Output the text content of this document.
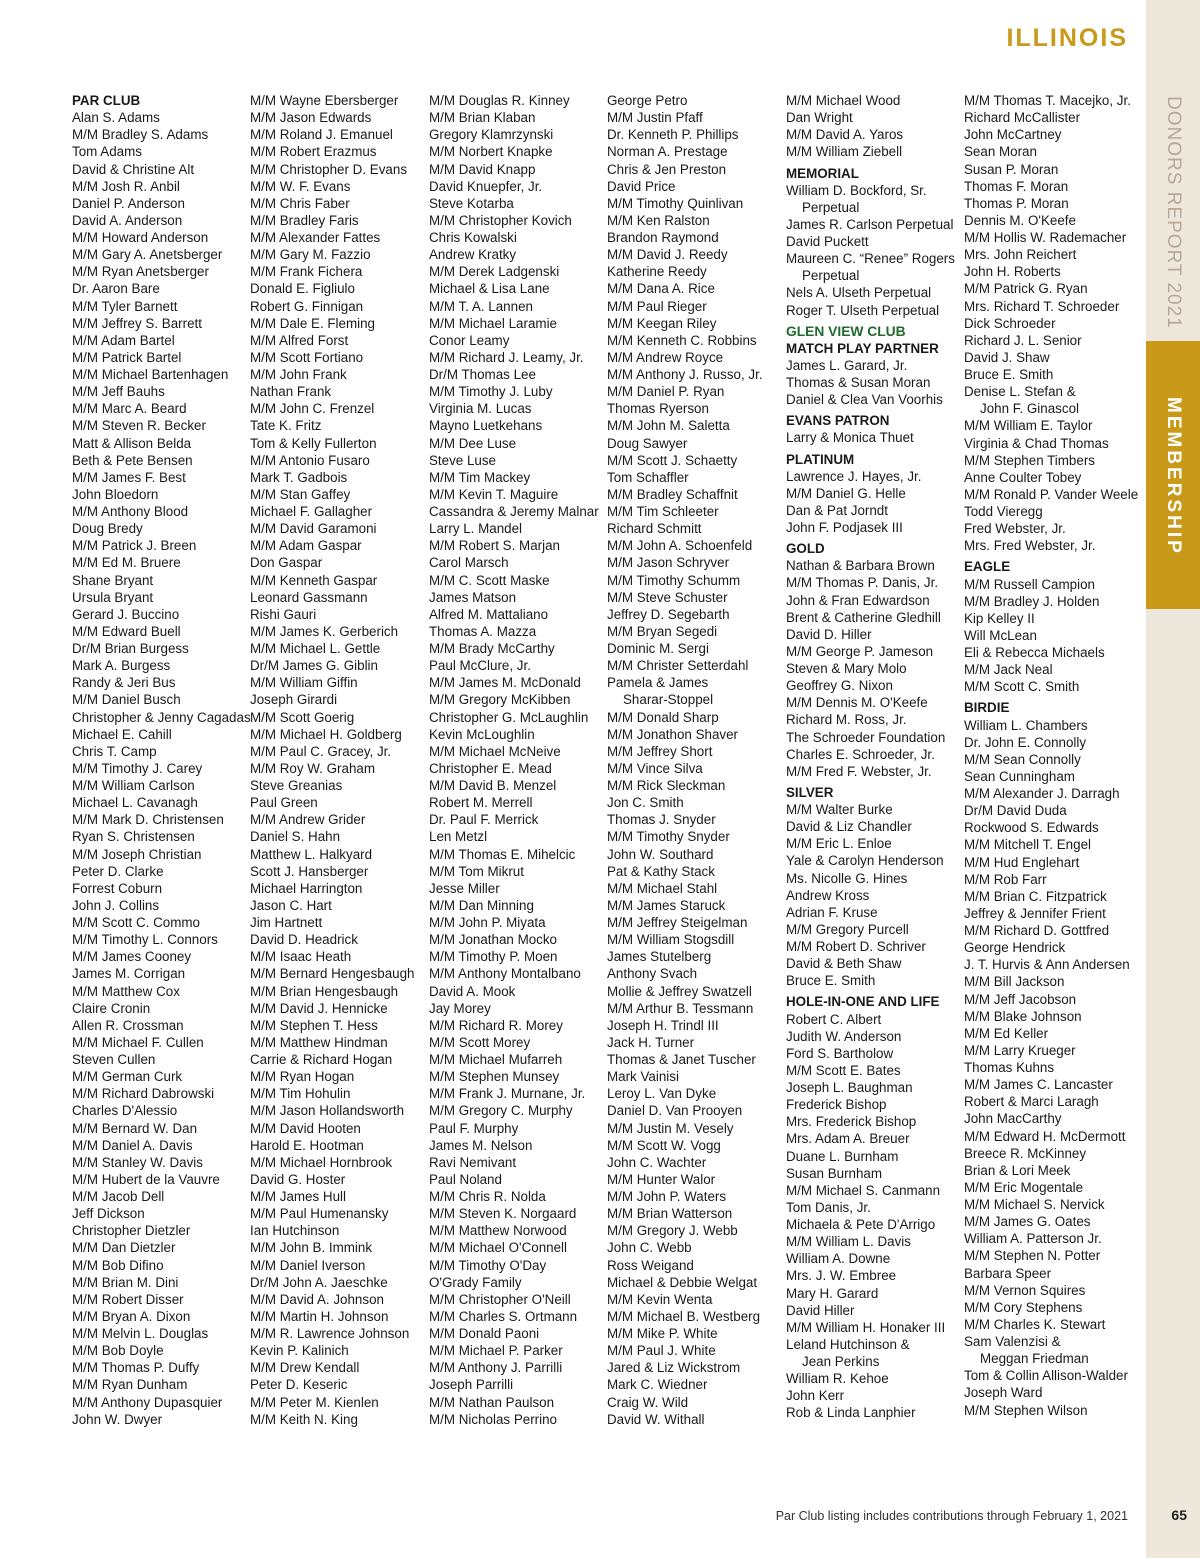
ILLINOIS
DONORS REPORT 2021
MEMBERSHIP
PAR CLUB
Alan S. Adams
M/M Bradley S. Adams
Tom Adams
David & Christine Alt
M/M Josh R. Anbil
Daniel P. Anderson
David A. Anderson
M/M Howard Anderson
M/M Gary A. Anetsberger
M/M Ryan Anetsberger
Dr. Aaron Bare
M/M Tyler Barnett
M/M Jeffrey S. Barrett
M/M Adam Bartel
M/M Patrick Bartel
M/M Michael Bartenhagen
M/M Jeff Bauhs
M/M Marc A. Beard
M/M Steven R. Becker
Matt & Allison Belda
Beth & Pete Bensen
M/M James F. Best
John Bloedorn
M/M Anthony Blood
Doug Bredy
M/M Patrick J. Breen
M/M Ed M. Bruere
Shane Bryant
Ursula Bryant
Gerard J. Buccino
M/M Edward Buell
Dr/M Brian Burgess
Mark A. Burgess
Randy & Jeri Bus
M/M Daniel Busch
Christopher & Jenny Cagadas
Michael E. Cahill
Chris T. Camp
M/M Timothy J. Carey
M/M William Carlson
Michael L. Cavanagh
M/M Mark D. Christensen
Ryan S. Christensen
M/M Joseph Christian
Peter D. Clarke
Forrest Coburn
John J. Collins
M/M Scott C. Commo
M/M Timothy L. Connors
M/M James Cooney
James M. Corrigan
M/M Matthew Cox
Claire Cronin
Allen R. Crossman
M/M Michael F. Cullen
Steven Cullen
M/M German Curk
M/M Richard Dabrowski
Charles D'Alessio
M/M Bernard W. Dan
M/M Daniel A. Davis
M/M Stanley W. Davis
M/M Hubert de la Vauvre
M/M Jacob Dell
Jeff Dickson
Christopher Dietzler
M/M Dan Dietzler
M/M Bob Difino
M/M Brian M. Dini
M/M Robert Disser
M/M Bryan A. Dixon
M/M Melvin L. Douglas
M/M Bob Doyle
M/M Thomas P. Duffy
M/M Ryan Dunham
M/M Anthony Dupasquier
John W. Dwyer
M/M Wayne Ebersberger
M/M Jason Edwards
M/M Roland J. Emanuel
M/M Robert Erazmus
M/M Christopher D. Evans
M/M W. F. Evans
M/M Chris Faber
M/M Bradley Faris
M/M Alexander Fattes
M/M Gary M. Fazzio
M/M Frank Fichera
Donald E. Figliulo
Robert G. Finnigan
M/M Dale E. Fleming
M/M Alfred Forst
M/M Scott Fortiano
M/M John Frank
Nathan Frank
M/M John C. Frenzel
Tate K. Fritz
Tom & Kelly Fullerton
M/M Antonio Fusaro
Mark T. Gadbois
M/M Stan Gaffey
Michael F. Gallagher
M/M David Garamoni
M/M Adam Gaspar
Don Gaspar
M/M Kenneth Gaspar
Leonard Gassmann
Rishi Gauri
M/M James K. Gerberich
M/M Michael L. Gettle
Dr/M James G. Giblin
M/M William Giffin
Joseph Girardi
M/M Scott Goerig
M/M Michael H. Goldberg
M/M Paul C. Gracey, Jr.
M/M Roy W. Graham
Steve Greanias
Paul Green
M/M Andrew Grider
Daniel S. Hahn
Matthew L. Halkyard
Scott J. Hansberger
Michael Harrington
Jason C. Hart
Jim Hartnett
David D. Headrick
M/M Isaac Heath
M/M Bernard Hengesbaugh
M/M Brian Hengesbaugh
M/M David J. Hennicke
M/M Stephen T. Hess
M/M Matthew Hindman
Carrie & Richard Hogan
M/M Ryan Hogan
M/M Tim Hohulin
M/M Jason Hollandsworth
M/M David Hooten
Harold E. Hootman
M/M Michael Hornbrook
David G. Hoster
M/M James Hull
M/M Paul Humenansky
Ian Hutchinson
M/M John B. Immink
M/M Daniel Iverson
Dr/M John A. Jaeschke
M/M David A. Johnson
M/M Martin H. Johnson
M/M R. Lawrence Johnson
Kevin P. Kalinich
M/M Drew Kendall
Peter D. Keseric
M/M Peter M. Kienlen
M/M Keith N. King
M/M Douglas R. Kinney
M/M Brian Klaban
Gregory Klamrzynski
M/M Norbert Knapke
M/M David Knapp
David Knuepfer, Jr.
Steve Kotarba
M/M Christopher Kovich
Chris Kowalski
Andrew Kratky
M/M Derek Ladgenski
Michael & Lisa Lane
M/M T. A. Lannen
M/M Michael Laramie
Conor Leamy
M/M Richard J. Leamy, Jr.
Dr/M Thomas Lee
M/M Timothy J. Luby
Virginia M. Lucas
Mayno Luetkehans
M/M Dee Luse
Steve Luse
M/M Tim Mackey
M/M Kevin T. Maguire
Cassandra & Jeremy Malnar
Larry L. Mandel
M/M Robert S. Marjan
Carol Marsch
M/M C. Scott Maske
James Matson
Alfred M. Mattaliano
Thomas A. Mazza
M/M Brady McCarthy
Paul McClure, Jr.
M/M James M. McDonald
M/M Gregory McKibben
Christopher G. McLaughlin
Kevin McLoughlin
M/M Michael McNeive
Christopher E. Mead
M/M David B. Menzel
Robert M. Merrell
Dr. Paul F. Merrick
Len Metzl
M/M Thomas E. Mihelcic
M/M Tom Mikrut
Jesse Miller
M/M Dan Minning
M/M John P. Miyata
M/M Jonathan Mocko
M/M Timothy P. Moen
M/M Anthony Montalbano
David A. Mook
Jay Morey
M/M Richard R. Morey
M/M Scott Morey
M/M Michael Mufarreh
M/M Stephen Munsey
M/M Frank J. Murnane, Jr.
M/M Gregory C. Murphy
Paul F. Murphy
James M. Nelson
Ravi Nemivant
Paul Noland
M/M Chris R. Nolda
M/M Steven K. Norgaard
M/M Matthew Norwood
M/M Michael O'Connell
M/M Timothy O'Day
O'Grady Family
M/M Christopher O'Neill
M/M Charles S. Ortmann
M/M Donald Paoni
M/M Michael P. Parker
M/M Anthony J. Parrilli
Joseph Parrilli
M/M Nathan Paulson
M/M Nicholas Perrino
George Petro
M/M Justin Pfaff
Dr. Kenneth P. Phillips
Norman A. Prestage
Chris & Jen Preston
David Price
M/M Timothy Quinlivan
M/M Ken Ralston
Brandon Raymond
M/M David J. Reedy
Katherine Reedy
M/M Dana A. Rice
M/M Paul Rieger
M/M Keegan Riley
M/M Kenneth C. Robbins
M/M Andrew Royce
M/M Anthony J. Russo, Jr.
M/M Daniel P. Ryan
Thomas Ryerson
M/M John M. Saletta
Doug Sawyer
M/M Scott J. Schaetty
Tom Schaffler
M/M Bradley Schaffnit
M/M Tim Schleeter
Richard Schmitt
M/M John A. Schoenfeld
M/M Jason Schryver
M/M Timothy Schumm
M/M Steve Schuster
Jeffrey D. Segebarth
M/M Bryan Segedi
Dominic M. Sergi
M/M Christer Setterdahl
Pamela & James
Sharar-Stoppel
M/M Donald Sharp
M/M Jonathon Shaver
M/M Jeffrey Short
M/M Vince Silva
M/M Rick Sleckman
Jon C. Smith
Thomas J. Snyder
M/M Timothy Snyder
John W. Southard
Pat & Kathy Stack
M/M Michael Stahl
M/M James Staruck
M/M Jeffrey Steigelman
M/M William Stogsdill
James Stutelberg
Anthony Svach
Mollie & Jeffrey Swatzell
M/M Arthur B. Tessmann
Joseph H. Trindl III
Jack H. Turner
Thomas & Janet Tuscher
Mark Vainisi
Leroy L. Van Dyke
Daniel D. Van Prooyen
M/M Justin M. Vesely
M/M Scott W. Vogg
John C. Wachter
M/M Hunter Walor
M/M John P. Waters
M/M Brian Watterson
M/M Gregory J. Webb
John C. Webb
Ross Weigand
Michael & Debbie Welgat
M/M Kevin Wenta
M/M Michael B. Westberg
M/M Mike P. White
M/M Paul J. White
Jared & Liz Wickstrom
Mark C. Wiedner
Craig W. Wild
David W. Withall
M/M Michael Wood
Dan Wright
M/M David A. Yaros
M/M William Ziebell
MEMORIAL
William D. Bockford, Sr.
Perpetual
James R. Carlson Perpetual
David Puckett
Maureen C. “Renee” Rogers
Perpetual
Nels A. Ulseth Perpetual
Roger T. Ulseth Perpetual
GLEN VIEW CLUB
MATCH PLAY PARTNER
James L. Garard, Jr.
Thomas & Susan Moran
Daniel & Clea Van Voorhis
EVANS PATRON
Larry & Monica Thuet
PLATINUM
Lawrence J. Hayes, Jr.
M/M Daniel G. Helle
Dan & Pat Jorndt
John F. Podjasek III
GOLD
Nathan & Barbara Brown
M/M Thomas P. Danis, Jr.
John & Fran Edwardson
Brent & Catherine Gledhill
David D. Hiller
M/M George P. Jameson
Steven & Mary Molo
Geoffrey G. Nixon
M/M Dennis M. O'Keefe
Richard M. Ross, Jr.
The Schroeder Foundation
Charles E. Schroeder, Jr.
M/M Fred F. Webster, Jr.
SILVER
M/M Walter Burke
David & Liz Chandler
M/M Eric L. Enloe
Yale & Carolyn Henderson
Ms. Nicolle G. Hines
Andrew Kross
Adrian F. Kruse
M/M Gregory Purcell
M/M Robert D. Schriver
David & Beth Shaw
Bruce E. Smith
HOLE-IN-ONE AND LIFE
Robert C. Albert
Judith W. Anderson
Ford S. Bartholow
M/M Scott E. Bates
Joseph L. Baughman
Frederick Bishop
Mrs. Frederick Bishop
Mrs. Adam A. Breuer
Duane L. Burnham
Susan Burnham
M/M Michael S. Canmann
Tom Danis, Jr.
Michaela & Pete D'Arrigo
M/M William L. Davis
William A. Downe
Mrs. J. W. Embree
Mary H. Garard
David Hiller
M/M William H. Honaker III
Leland Hutchinson &
Jean Perkins
William R. Kehoe
John Kerr
Rob & Linda Lanphier
M/M Thomas T. Macejko, Jr.
Richard McCallister
John McCartney
Sean Moran
Susan P. Moran
Thomas F. Moran
Thomas P. Moran
Dennis M. O'Keefe
M/M Hollis W. Rademacher
Mrs. John Reichert
John H. Roberts
M/M Patrick G. Ryan
Mrs. Richard T. Schroeder
Dick Schroeder
Richard J. L. Senior
David J. Shaw
Bruce E. Smith
Denise L. Stefan &
John F. Ginascol
M/M William E. Taylor
Virginia & Chad Thomas
M/M Stephen Timbers
Anne Coulter Tobey
M/M Ronald P. Vander Weele
Todd Vieregg
Fred Webster, Jr.
Mrs. Fred Webster, Jr.
EAGLE
M/M Russell Campion
M/M Bradley J. Holden
Kip Kelley II
Will McLean
Eli & Rebecca Michaels
M/M Jack Neal
M/M Scott C. Smith
BIRDIE
William L. Chambers
Dr. John E. Connolly
M/M Sean Connolly
Sean Cunningham
M/M Alexander J. Darragh
Dr/M David Duda
Rockwood S. Edwards
M/M Mitchell T. Engel
M/M Hud Englehart
M/M Rob Farr
M/M Brian C. Fitzpatrick
Jeffrey & Jennifer Frient
M/M Richard D. Gottfred
George Hendrick
J. T. Hurvis & Ann Andersen
M/M Bill Jackson
M/M Jeff Jacobson
M/M Blake Johnson
M/M Ed Keller
M/M Larry Krueger
Thomas Kuhns
M/M James C. Lancaster
Robert & Marci Laragh
John MacCarthy
M/M Edward H. McDermott
Breece R. McKinney
Brian & Lori Meek
M/M Eric Mogentale
M/M Michael S. Nervick
M/M James G. Oates
William A. Patterson Jr.
M/M Stephen N. Potter
Barbara Speer
M/M Vernon Squires
M/M Cory Stephens
M/M Charles K. Stewart
Sam Valenzisi &
Meggan Friedman
Tom & Collin Allison-Walder
Joseph Ward
M/M Stephen Wilson
Par Club listing includes contributions through February 1, 2021	65
